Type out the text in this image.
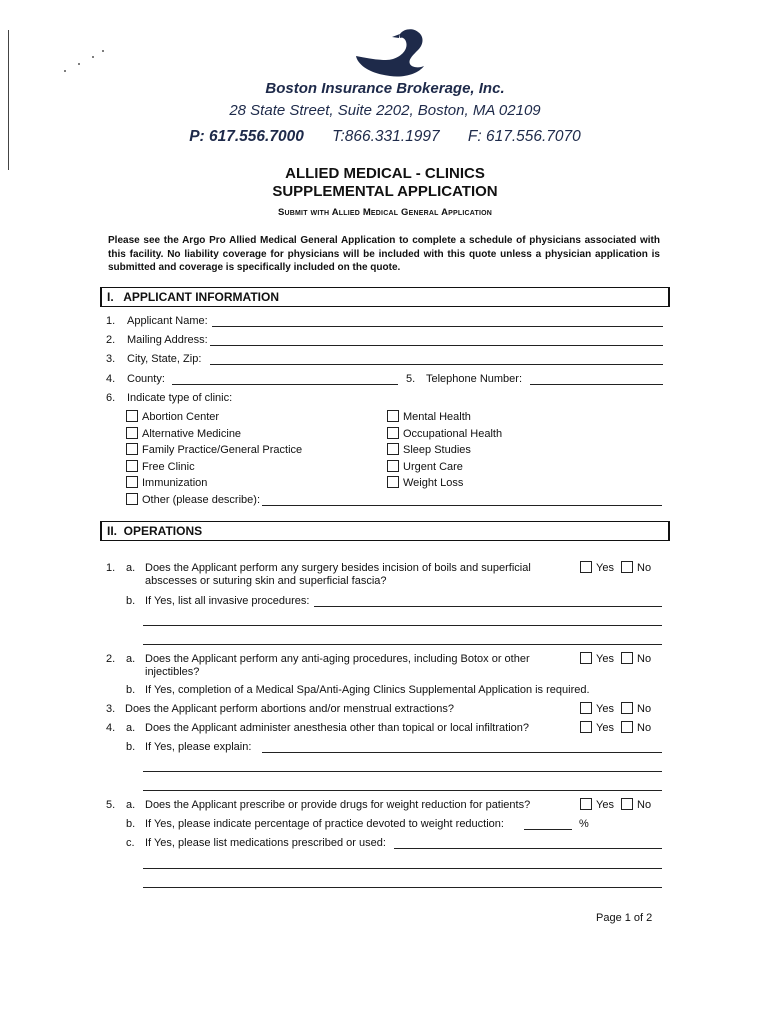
Boston Insurance Brokerage, Inc.
28 State Street, Suite 2202, Boston, MA 02109
P: 617.556.7000 T:866.331.1997 F: 617.556.7070
ALLIED MEDICAL - CLINICS
SUPPLEMENTAL APPLICATION
Submit with Allied Medical General Application
Please see the Argo Pro Allied Medical General Application to complete a schedule of physicians associated with this facility. No liability coverage for physicians will be included with this quote unless a physician application is submitted and coverage is specifically included on the quote.
I.   APPLICANT INFORMATION
1. Applicant Name:
2. Mailing Address:
3. City, State, Zip:
4. County:	5. Telephone Number:
6. Indicate type of clinic:
Abortion Center
Alternative Medicine
Family Practice/General Practice
Free Clinic
Immunization
Other (please describe):
Mental Health
Occupational Health
Sleep Studies
Urgent Care
Weight Loss
II.  OPERATIONS
1. a. Does the Applicant perform any surgery besides incision of boils and superficial
abscesses or suturing skin and superficial fascia?
Yes No
b. If Yes, list all invasive procedures:
2. a. Does the Applicant perform any anti-aging procedures, including Botox or other
injectibles?
Yes No
b. If Yes, completion of a Medical Spa/Anti-Aging Clinics Supplemental Application is required.
3. Does the Applicant perform abortions and/or menstrual extractions?	Yes No
4. a. Does the Applicant administer anesthesia other than topical or local infiltration?	Yes No
b. If Yes, please explain:
5. a. Does the Applicant prescribe or provide drugs for weight reduction for patients?	Yes No
b. If Yes, please indicate percentage of practice devoted to weight reduction:	%
c. If Yes, please list medications prescribed or used:
Page 1 of 2
